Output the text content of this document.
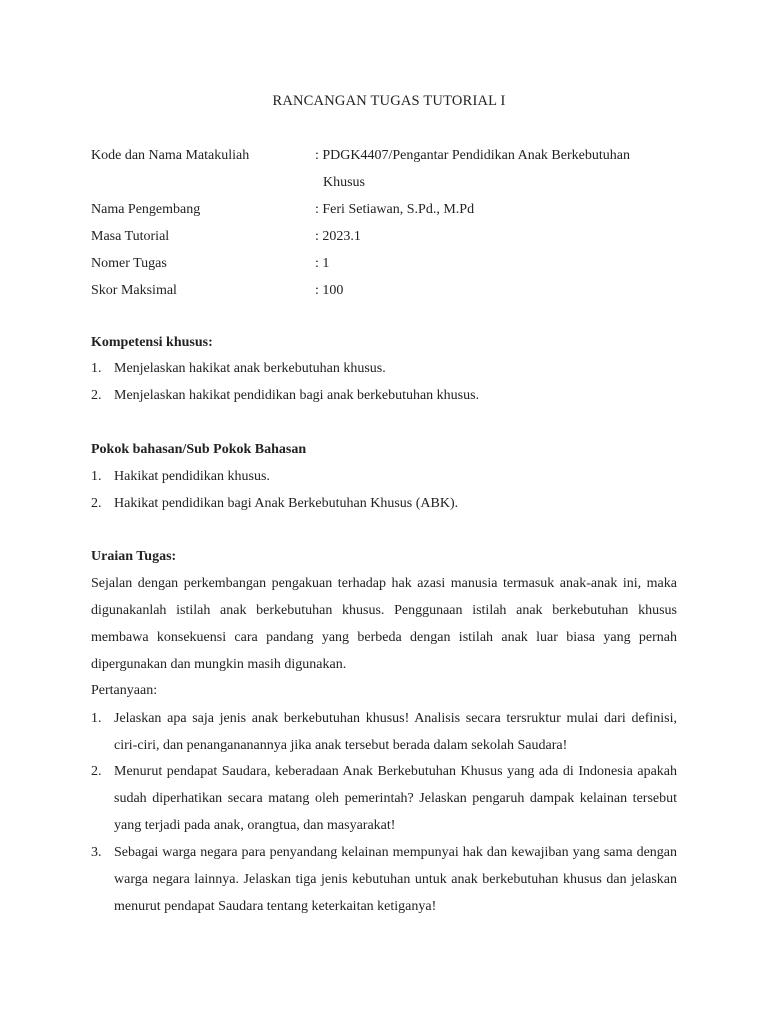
RANCANGAN TUGAS TUTORIAL I
Kode dan Nama Matakuliah	: PDGK4407/Pengantar Pendidikan Anak Berkebutuhan
Khusus
Nama Pengembang	: Feri Setiawan, S.Pd., M.Pd
Masa Tutorial	: 2023.1
Nomer Tugas	: 1
Skor Maksimal	: 100
Kompetensi khusus:
1. Menjelaskan hakikat anak berkebutuhan khusus.
2. Menjelaskan hakikat pendidikan bagi anak berkebutuhan khusus.
Pokok bahasan/Sub Pokok Bahasan
1. Hakikat pendidikan khusus.
2. Hakikat pendidikan bagi Anak Berkebutuhan Khusus (ABK).
Uraian Tugas:
Sejalan dengan perkembangan pengakuan terhadap hak azasi manusia termasuk anak-anak ini, maka digunakanlah istilah anak berkebutuhan khusus. Penggunaan istilah anak berkebutuhan khusus membawa konsekuensi cara pandang yang berbeda dengan istilah anak luar biasa yang pernah dipergunakan dan mungkin masih digunakan.
Pertanyaan:
1. Jelaskan apa saja jenis anak berkebutuhan khusus! Analisis secara tersruktur mulai dari definisi, ciri-ciri, dan penangananannya jika anak tersebut berada dalam sekolah Saudara!
2. Menurut pendapat Saudara, keberadaan Anak Berkebutuhan Khusus yang ada di Indonesia apakah sudah diperhatikan secara matang oleh pemerintah? Jelaskan pengaruh dampak kelainan tersebut yang terjadi pada anak, orangtua, dan masyarakat!
3. Sebagai warga negara para penyandang kelainan mempunyai hak dan kewajiban yang sama dengan warga negara lainnya. Jelaskan tiga jenis kebutuhan untuk anak berkebutuhan khusus dan jelaskan menurut pendapat Saudara tentang keterkaitan ketiganya!
